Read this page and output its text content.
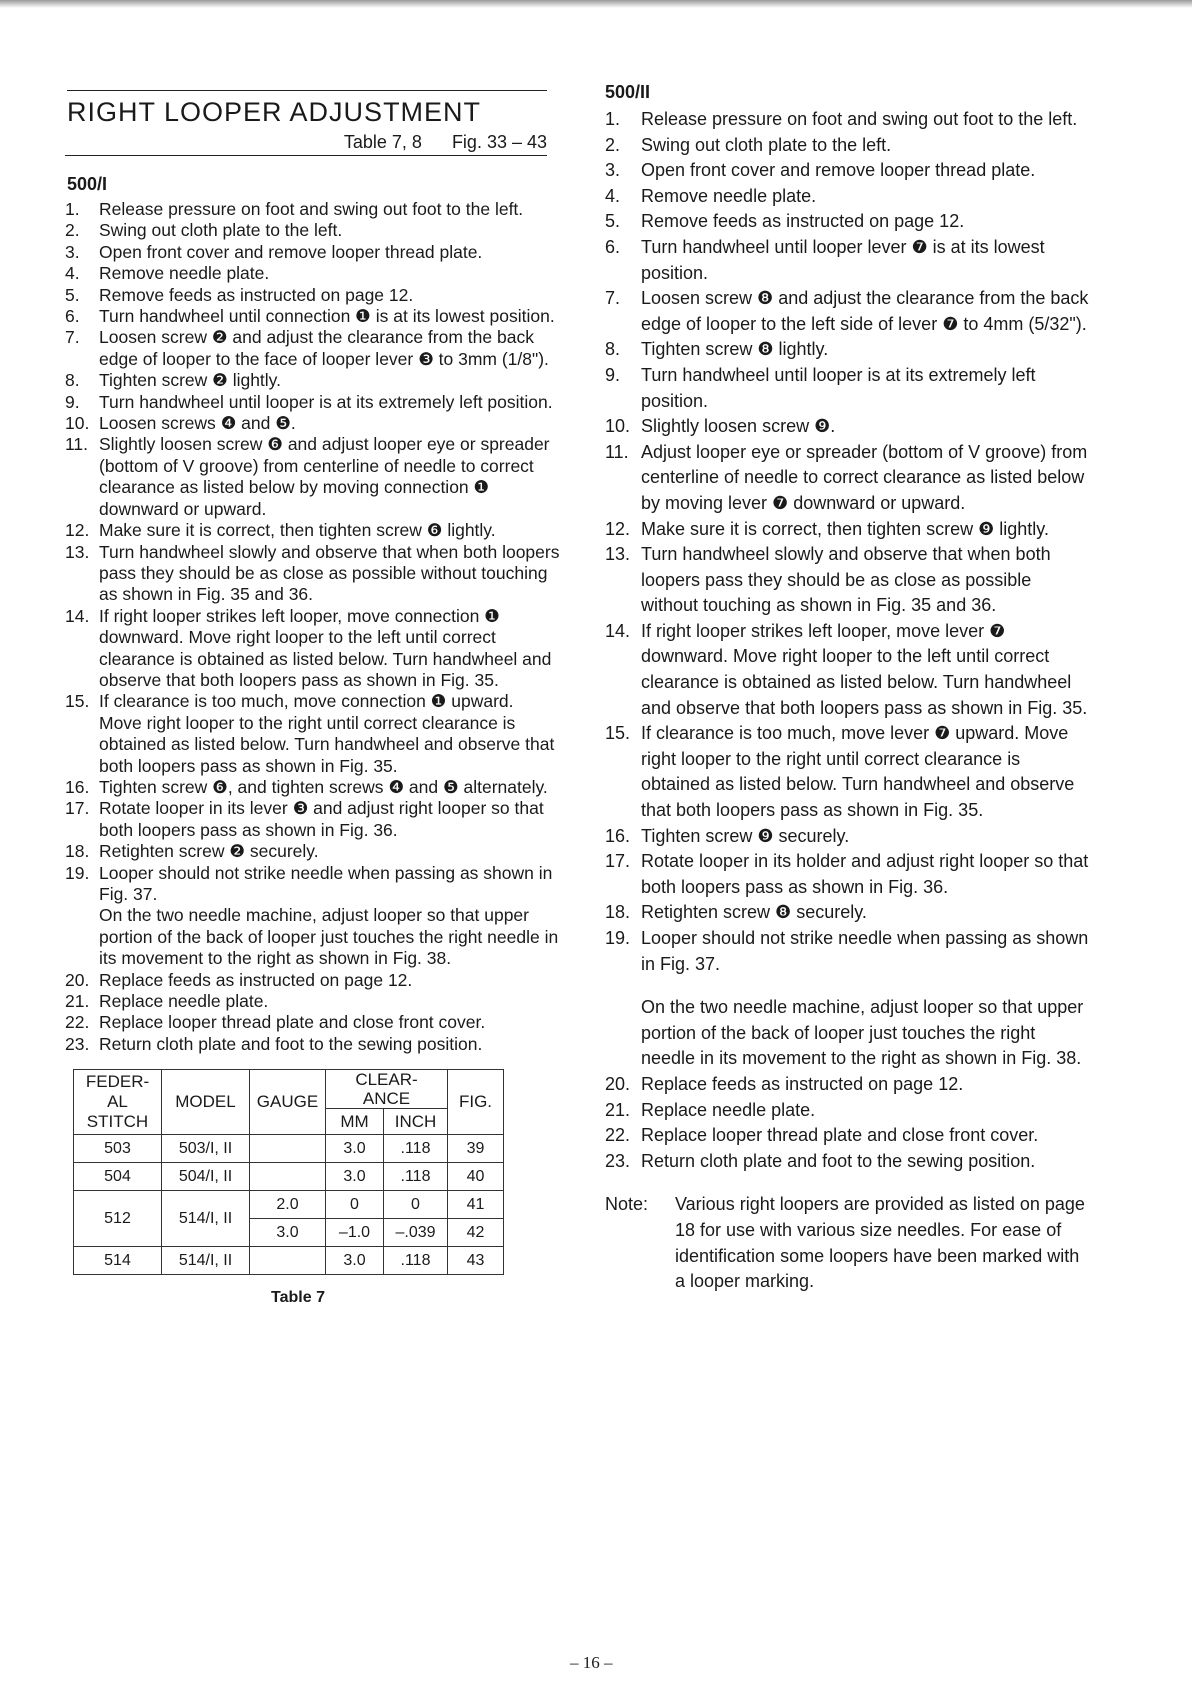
RIGHT LOOPER ADJUSTMENT
Table 7, 8 Fig. 33 – 43
500/I
1. Release pressure on foot and swing out foot to the left.

2. Swing out cloth plate to the left.

3. Open front cover and remove looper thread plate.

4. Remove needle plate.

5. Remove feeds as instructed on page 12.

6. Turn handwheel until connection ❶ is at its lowest position.

7. Loosen screw ❷ and adjust the clearance from the back edge of looper to the face of looper lever ❸ to 3mm (1/8").

8. Tighten screw ❷ lightly.

9. Turn handwheel until looper is at its extremely left position.

10. Loosen screws ❹ and ❺.

11. Slightly loosen screw ❻ and adjust looper eye or spreader (bottom of V groove) from centerline of needle to correct clearance as listed below by moving connection ❶ downward or upward.

12. Make sure it is correct, then tighten screw ❻ lightly.

13. Turn handwheel slowly and observe that when both loopers pass they should be as close as possible without touching as shown in Fig. 35 and 36.

14. If right looper strikes left looper, move connection ❶ downward. Move right looper to the left until correct clearance is obtained as listed below. Turn handwheel and observe that both loopers pass as shown in Fig. 35.

15. If clearance is too much, move connection ❶ upward. Move right looper to the right until correct clearance is obtained as listed below. Turn handwheel and observe that both loopers pass as shown in Fig. 35.

16. Tighten screw ❻, and tighten screws ❹ and ❺ alternately.

17. Rotate looper in its lever ❸ and adjust right looper so that both loopers pass as shown in Fig. 36.

18. Retighten screw ❷ securely.

19. Looper should not strike needle when passing as shown in Fig. 37.

On the two needle machine, adjust looper so that upper portion of the back of looper just touches the right needle in its movement to the right as shown in Fig. 38.

20. Replace feeds as instructed on page 12.

21. Replace needle plate.

22. Replace looper thread plate and close front cover.

23. Return cloth plate and foot to the sewing position.

FEDER-
AL
STITCH	MODEL	GAUGE	CLEAR-
ANCE		FIG.
			MM	INCH	
503	503/I, II		3.0	.118	39
504	504/I, II		3.0	.118	40
512	514/I, II	2.0	0	0	41
		3.0	–1.0	–.039	42
514	514/I, II		3.0	.118	43
Table 7
500/II
1. Release pressure on foot and swing out foot to the left.

2. Swing out cloth plate to the left.

3. Open front cover and remove looper thread plate.

4. Remove needle plate.

5. Remove feeds as instructed on page 12.

6. Turn handwheel until looper lever ❼ is at its lowest position.

7. Loosen screw ❽ and adjust the clearance from the back edge of looper to the left side of lever ❼ to 4mm (5/32").

8. Tighten screw ❽ lightly.

9. Turn handwheel until looper is at its extremely left position.

10. Slightly loosen screw ❾.

11. Adjust looper eye or spreader (bottom of V groove) from centerline of needle to correct clearance as listed below by moving lever ❼ downward or upward.

12. Make sure it is correct, then tighten screw ❾ lightly.

13. Turn handwheel slowly and observe that when both loopers pass they should be as close as possible without touching as shown in Fig. 35 and 36.

14. If right looper strikes left looper, move lever ❼ downward. Move right looper to the left until correct clearance is obtained as listed below. Turn handwheel and observe that both loopers pass as shown in Fig. 35.

15. If clearance is too much, move lever ❼ upward. Move right looper to the right until correct clearance is obtained as listed below. Turn handwheel and observe that both loopers pass as shown in Fig. 35.

16. Tighten screw ❾ securely.

17. Rotate looper in its holder and adjust right looper so that both loopers pass as shown in Fig. 36.

18. Retighten screw ❽ securely.

19. Looper should not strike needle when passing as shown in Fig. 37.

On the two needle machine, adjust looper so that upper portion of the back of looper just touches the right needle in its movement to the right as shown in Fig. 38.

20. Replace feeds as instructed on page 12.

21. Replace needle plate.

22. Replace looper thread plate and close front cover.

23. Return cloth plate and foot to the sewing position.

Note:	Various right loopers are provided as listed on page 18 for use with various size needles. For ease of identification some loopers have been marked with a looper marking.
– 16 –
